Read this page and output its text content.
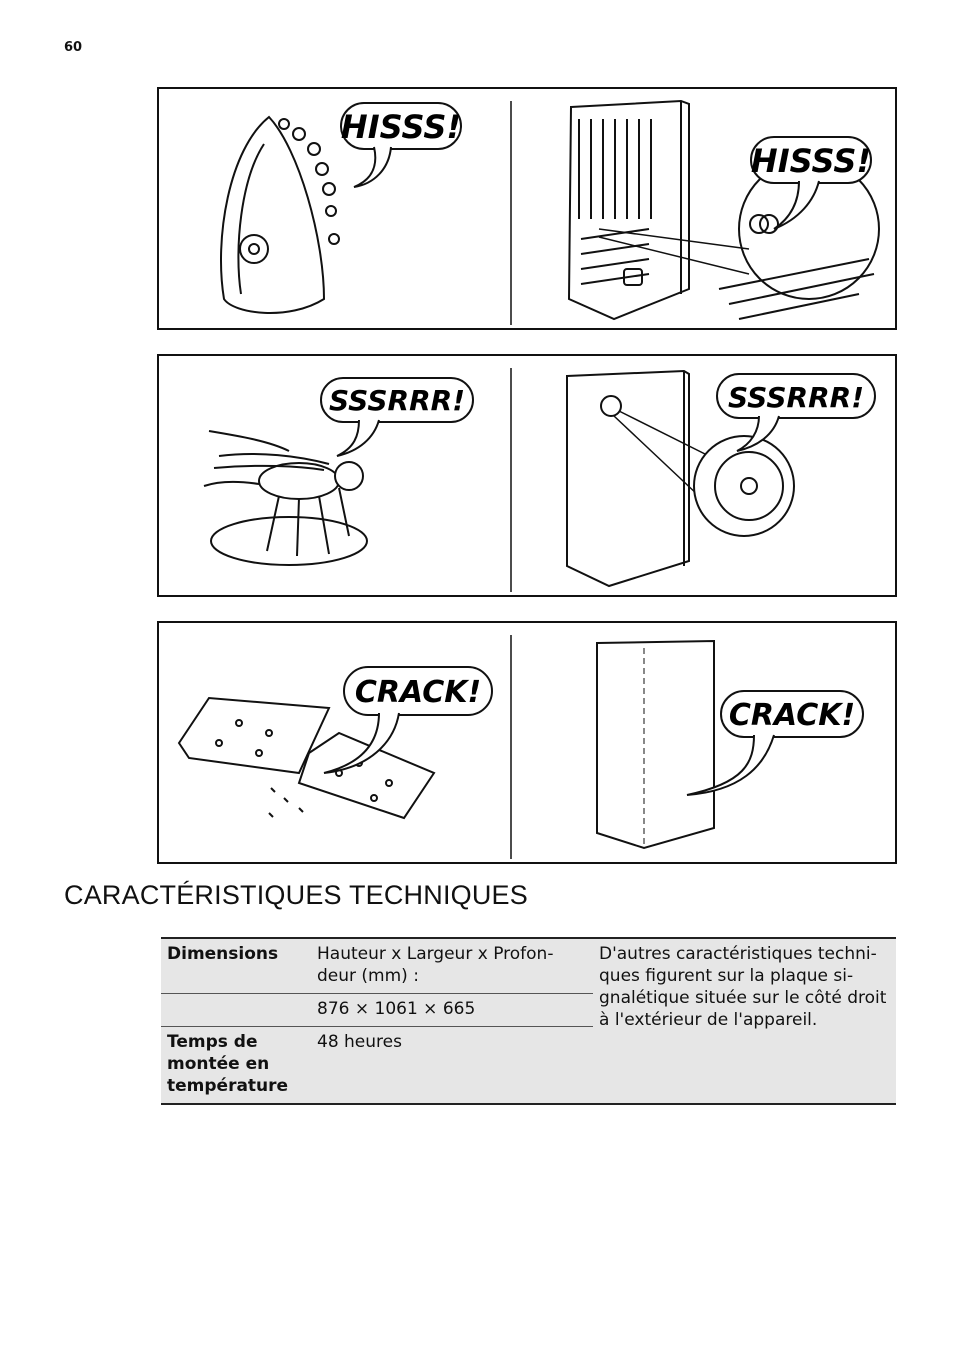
60
HISSS!
HISSS!
SSSRRR!	SSSRRR!
CRACK!
CRACK!
CARACTÉRISTIQUES TECHNIQUES
Dimensions	Hauteur x Largeur x Profon-deur (mm) :	D'autres caractéristiques techni-ques figurent sur la plaque si-gnalétique située sur le côté droit à l'extérieur de l'appareil.
	876 × 1061 × 665	
Temps de montée en température	48 heures	
